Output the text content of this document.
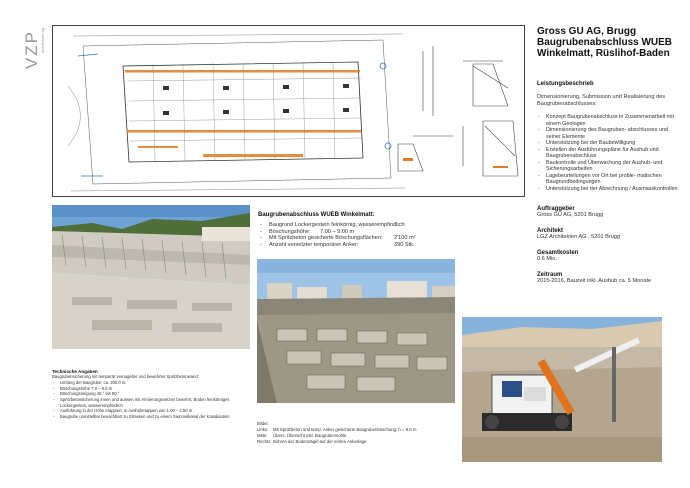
VZP architekten ag	Gross GU AG, Brugg
Baugrubenabschluss WUEB
Winkelmatt, Rüslihof-Baden
Leistungsbeschrieb
Dimensionierung, Submission und Realisierung des Baugrubenabschlusses:
- Konzept Baugrubenabschluss in Zusammenarbeit mit einem Geologen
- Dimensionierung des Baugruben- abschlusses und seiner Elemente
- Unterstützung bei der Baubewilligung
- Erstellen der Ausführungspläne für Aushub und Baugrubenabschluss
- Baukontrolle und Überwachung der Aushub- und Sicherungsarbeiten
- Lagebeurteilungen vor Ort bei proble- matischen Baugrundbedingungen
- Unterstützung bei der Abrechnung / Ausmasskontrollen
Auftraggeber
Gross GU AG, 5201 Brugg
Architekt
LGZ Architekten AG , 5201 Brugg
Gesamtkosten
0.6 Mio.
Zeitraum
2015-2016, Bauzeit inkl. Aushub ca. 5 Monate
Baugrubenabschluss WUEB Winkelmatt:
- Baugrund Lockergestein feinkörnig, wasserempfindlich
- Böschungshöhe: 7.00 – 9.00 m
- Mit Spritzbeton gesicherte Böschungsflächen: 2'100 m²
- Anzahl versetzter temporärer Anker:	390 Stk.
Technische Angaben
Baugrubensicherung mit temporär vernagelter und bewehrter Spritzbetonwand:
- Umfang der Baugrube: ca. 300.0 m,
- Böschungshöhe 7.0 – 9.0 m
- Böschungsneigung 45 ° bis 80 °
- Spritzbetonsicherung innen und aussen mit Armierungsnetzen bewehrt, Boden feinkörniges Lockergestein, wasserempfindlich
- Ausführung in der Höhe etappiert, in Aushubetappen von 1.00 – 2.50 m
- Baugrube unmittelbar benachbart zu Strassen und zu einem Sammelkanal der Kanalisation
Bilder:
Links:	Mit Spritzbeton und temp. Anker gesicherte Baugrubenböschung, h = 8.0 m
Mitte:	Übers. Übersicht inkl. Baugrubensohle
Rechts: Bohren der Bodennägel auf der ersten Ankerlage
